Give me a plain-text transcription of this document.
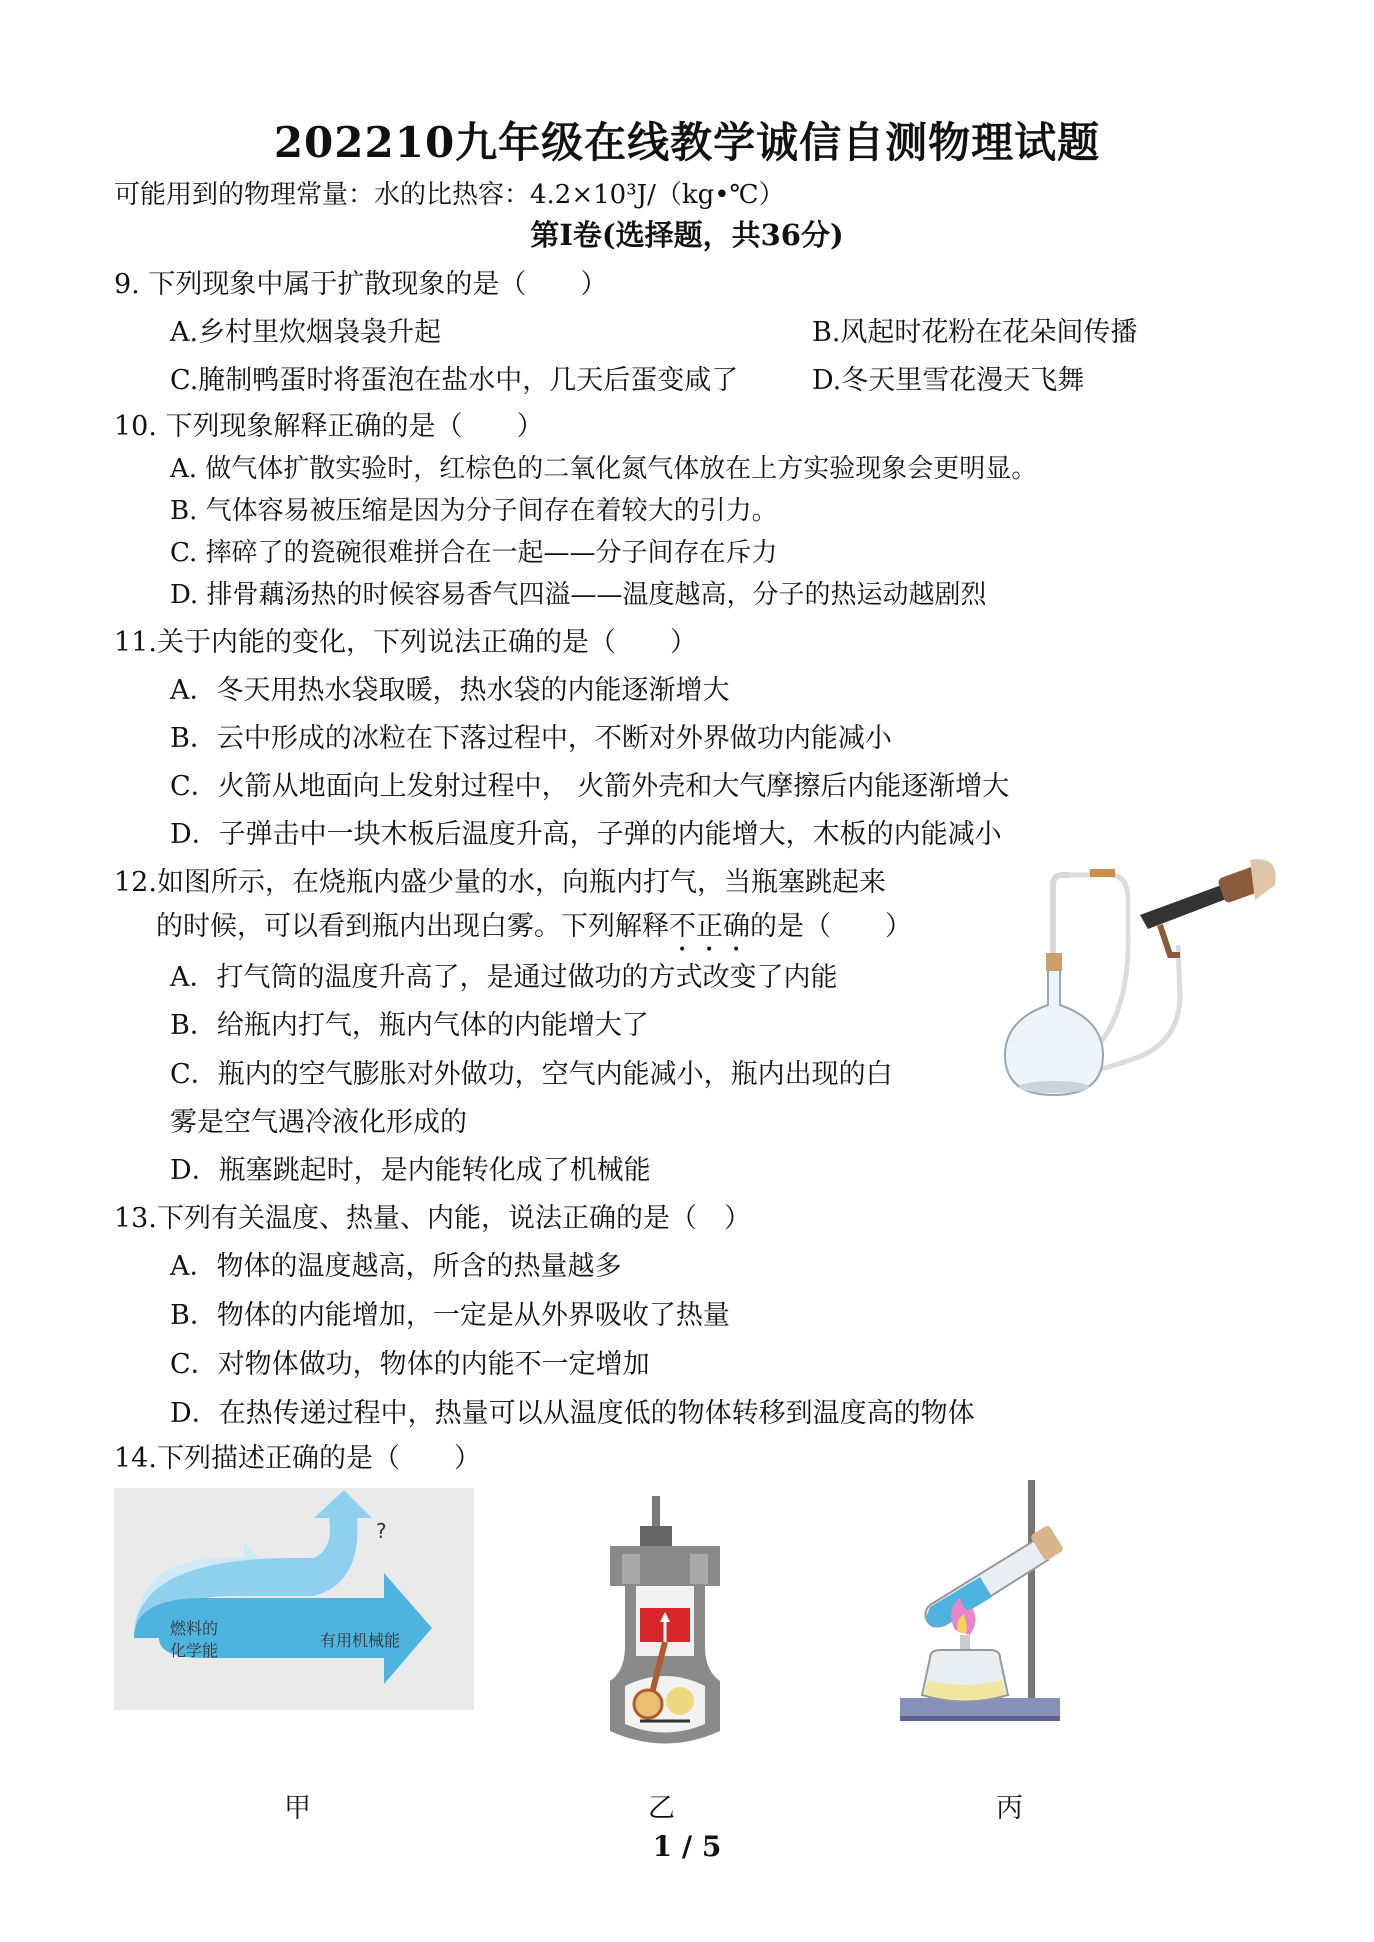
202210九年级在线教学诚信自测物理试题
可能用到的物理常量：水的比热容：4.2×10³J/（kg•℃）
第Ⅰ卷(选择题，共36分)
9. 下列现象中属于扩散现象的是（　　）
A.乡村里炊烟袅袅升起	B.风起时花粉在花朵间传播
C.腌制鸭蛋时将蛋泡在盐水中，几天后蛋变咸了	D.冬天里雪花漫天飞舞
10. 下列现象解释正确的是（　　）
A. 做气体扩散实验时，红棕色的二氧化氮气体放在上方实验现象会更明显。
B. 气体容易被压缩是因为分子间存在着较大的引力。
C. 摔碎了的瓷碗很难拼合在一起——分子间存在斥力
D. 排骨藕汤热的时候容易香气四溢——温度越高，分子的热运动越剧烈
11.关于内能的变化，下列说法正确的是（　　）
A．冬天用热水袋取暖，热水袋的内能逐渐增大
B．云中形成的冰粒在下落过程中，不断对外界做功内能减小
C．火箭从地面向上发射过程中， 火箭外壳和大气摩擦后内能逐渐增大
D．子弹击中一块木板后温度升高，子弹的内能增大，木板的内能减小
12.如图所示，在烧瓶内盛少量的水，向瓶内打气，当瓶塞跳起来
的时候，可以看到瓶内出现白雾。下列解释不正确的是（　　）
A．打气筒的温度升高了，是通过做功的方式改变了内能
B．给瓶内打气，瓶内气体的内能增大了
C．瓶内的空气膨胀对外做功，空气内能减小，瓶内出现的白
雾是空气遇冷液化形成的
D．瓶塞跳起时，是内能转化成了机械能
13.下列有关温度、热量、内能，说法正确的是（　）
A．物体的温度越高，所含的热量越多
B．物体的内能增加，一定是从外界吸收了热量
C．对物体做功，物体的内能不一定增加
D．在热传递过程中，热量可以从温度低的物体转移到温度高的物体
14.下列描述正确的是（　　）
燃料的
化学能
有用机械能
?
甲	乙	丙
1 / 5
